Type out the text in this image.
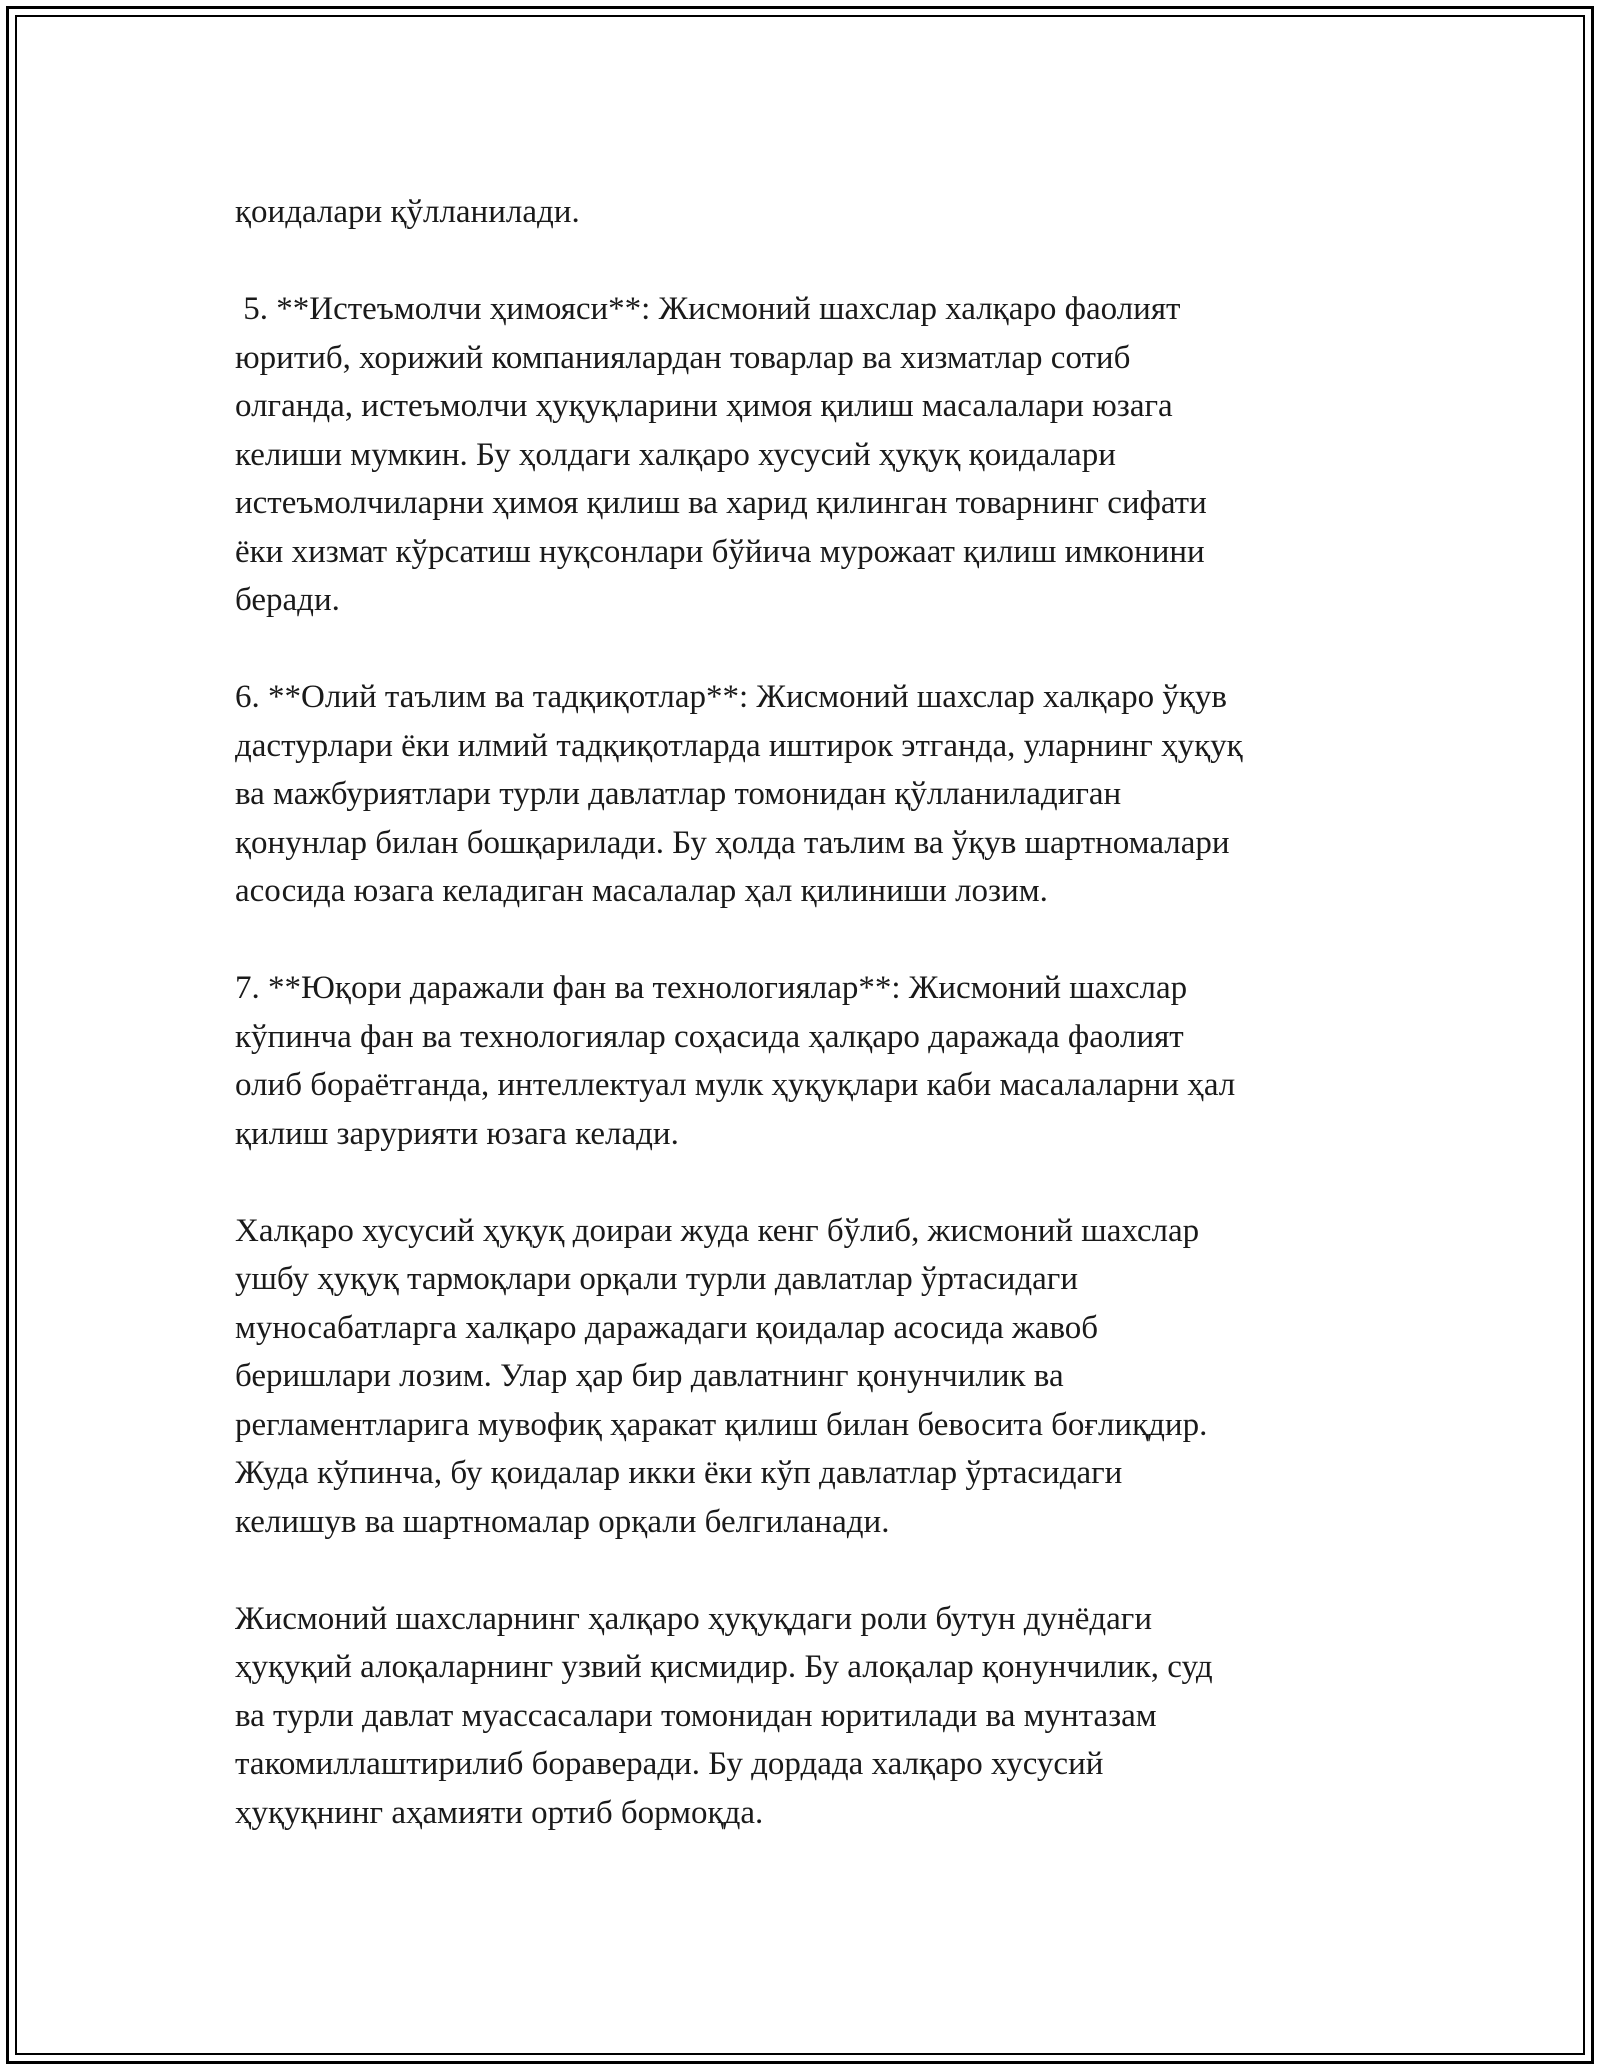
қоидалари қўлланилади.
5. **Истеъмолчи ҳимояси**: Жисмоний шахслар халқаро фаолият
юритиб, хорижий компаниялардан товарлар ва хизматлар сотиб
олганда, истеъмолчи ҳуқуқларини ҳимоя қилиш масалалари юзага
келиши мумкин. Бу ҳолдаги халқаро хусусий ҳуқуқ қоидалари
истеъмолчиларни ҳимоя қилиш ва харид қилинган товарнинг сифати
ёки хизмат кўрсатиш нуқсонлари бўйича мурожаат қилиш имконини
беради.
6. **Олий таълим ва тадқиқотлар**: Жисмоний шахслар халқаро ўқув
дастурлари ёки илмий тадқиқотларда иштирок этганда, уларнинг ҳуқуқ
ва мажбуриятлари турли давлатлар томонидан қўлланиладиган
қонунлар билан бошқарилади. Бу ҳолда таълим ва ўқув шартномалари
асосида юзага келадиган масалалар ҳал қилиниши лозим.
7. **Юқори даражали фан ва технологиялар**: Жисмоний шахслар
кўпинча фан ва технологиялар соҳасида ҳалқаро даражада фаолият
олиб бораётганда, интеллектуал мулк ҳуқуқлари каби масалаларни ҳал
қилиш зарурияти юзага келади.
Халқаро хусусий ҳуқуқ доираи жуда кенг бўлиб, жисмоний шахслар
ушбу ҳуқуқ тармоқлари орқали турли давлатлар ўртасидаги
муносабатларга халқаро даражадаги қоидалар асосида жавоб
беришлари лозим. Улар ҳар бир давлатнинг қонунчилик ва
регламентларига мувофиқ ҳаракат қилиш билан бевосита боғлиқдир.
Жуда кўпинча, бу қоидалар икки ёки кўп давлатлар ўртасидаги
келишув ва шартномалар орқали белгиланади.
Жисмоний шахсларнинг ҳалқаро ҳуқуқдаги роли бутун дунёдаги
ҳуқуқий алоқаларнинг узвий қисмидир. Бу алоқалар қонунчилик, суд
ва турли давлат муассасалари томонидан юритилади ва мунтазам
такомиллаштирилиб бораверади. Бу дордада халқаро хусусий
ҳуқуқнинг аҳамияти ортиб бормоқда.
